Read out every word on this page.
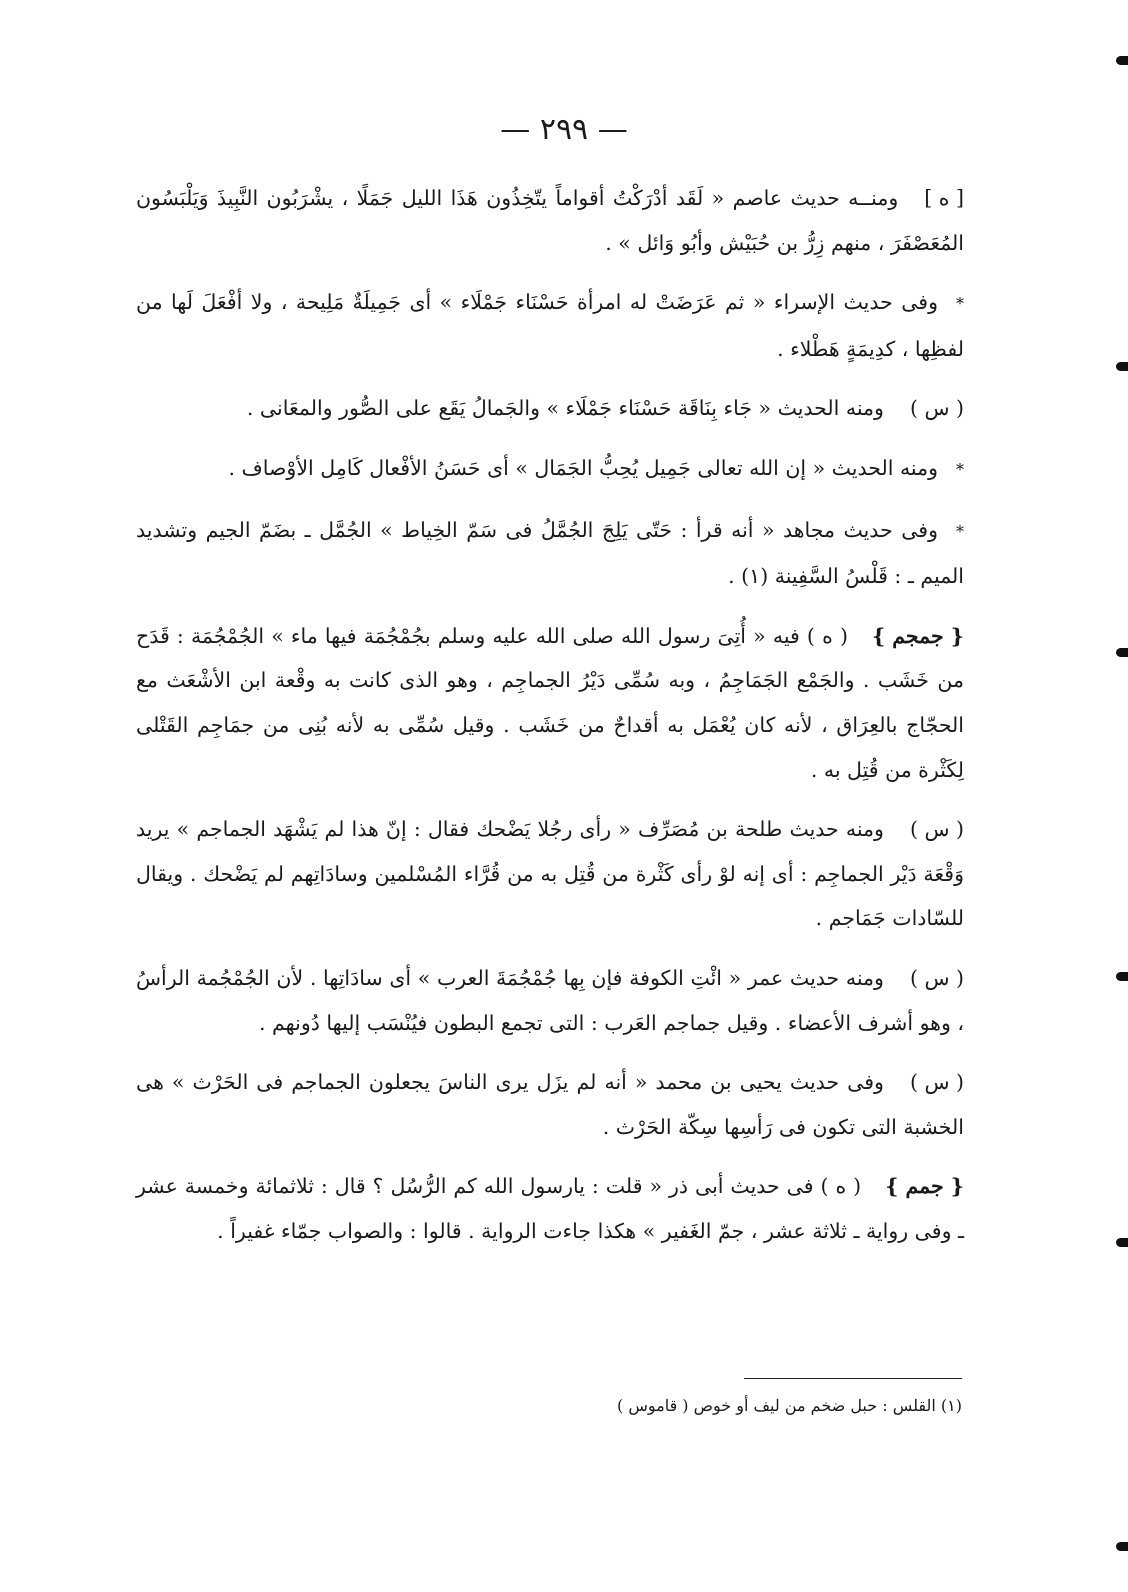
— ٢٩٩ —

[ ه ]ومنــه حديث عاصم « لَقَد أدْرَكْتُ أقواماً يتّخِذُون هَذَا الليل جَمَلًا ، يشْرَبُون النَّبِيذَ وَيَلْبَسُون المُعَصْفَرَ ، منهم زِرُّ بن حُبَيْش وأبُو وَائل » .

*وفى حديث الإسراء « ثم عَرَضَتْ له امرأة حَسْنَاء جَمْلَاء » أى جَمِيلَةٌ مَلِيحة ، ولا أفْعَلَ لَها من لفظِها ، كدِيمَةٍ هَطْلاء .

( س )ومنه الحديث « جَاء بِنَاقَة حَسْنَاء جَمْلَاء » والجَمالُ يَقَع على الصُّور والمعَانى .

*ومنه الحديث « إن الله تعالى جَمِيل يُحِبُّ الجَمَال » أى حَسَنُ الأفْعال كَامِل الأوْصاف .

*وفى حديث مجاهد « أنه قرأ : حَتّى يَلِجَ الجُمَّلُ فى سَمّ الخِياط » الجُمَّل ـ بضَمّ الجيم وتشديد الميم ـ : قَلْسُ السَّفِينة (١) .

{ جمجم }( ه ) فيه « أُتِىَ رسول الله صلى الله عليه وسلم بجُمْجُمَة فيها ماء » الجُمْجُمَة : قَدَح من خَشَب . والجَمْع الجَمَاجِمُ ، وبه سُمِّى دَيْرُ الجماجِم ، وهو الذى كانت به وقْعة ابن الأشْعَث مع الحجّاج بالعِرَاق ، لأنه كان يُعْمَل به أقداحٌ من خَشَب . وقيل سُمِّى به لأنه بُنِى من جمَاجِم القَتْلى لِكَثْرة من قُتِل به .

( س )ومنه حديث طلحة بن مُصَرِّف « رأى رجُلا يَضْحك فقال : إنّ هذا لم يَشْهَد الجماجم » يريد وَقْعَة دَيْر الجماجِم : أى إنه لوْ رأى كَثْرة من قُتِل به من قُرَّاء المُسْلمين وسادَاتِهم لم يَضْحك . ويقال للسّادات جَمَاجم .

( س )ومنه حديث عمر « ائْتِ الكوفة فإن بِها جُمْجُمَةَ العرب » أى سادَاتِها . لأن الجُمْجُمة الرأسُ ، وهو أشرف الأعضاء . وقيل جماجم العَرب : التى تجمع البطون فيُنْسَب إليها دُونهم .

( س )وفى حديث يحيى بن محمد « أنه لم يزَل يرى الناسَ يجعلون الجماجم فى الحَرْث » هى الخشبة التى تكون فى رَأسِها سِكّة الحَرْث .

{ جمم }( ه ) فى حديث أبى ذر « قلت : يارسول الله كم الرُّسُل ؟ قال : ثلاثمائة وخمسة عشر ـ وفى رواية ـ ثلاثة عشر ، جمّ الغَفير » هكذا جاءت الرواية . قالوا : والصواب جمّاء غفيراً .

(١) القلس : حبل ضخم من ليف أو خوص ( قاموس )
